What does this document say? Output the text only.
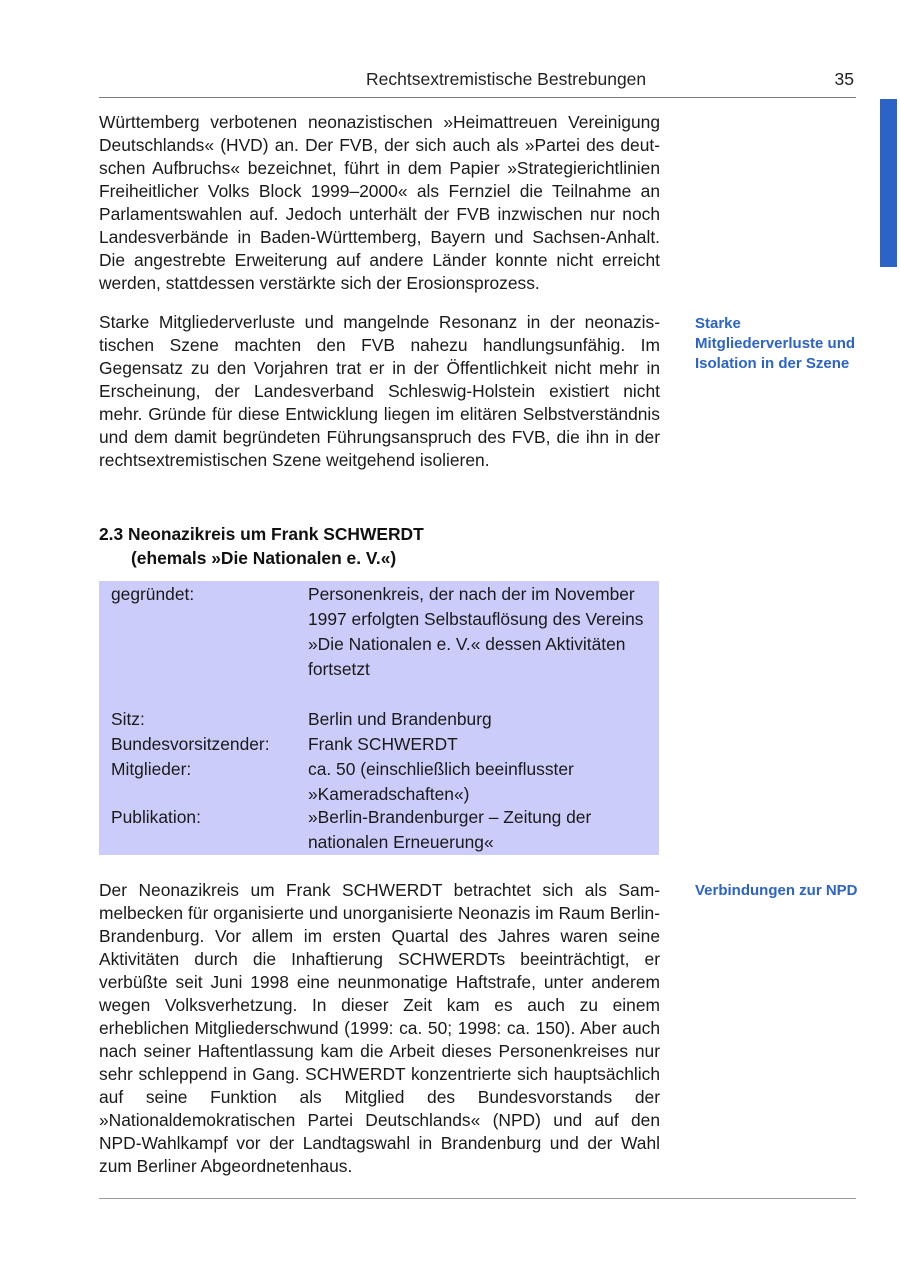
Rechtsextremistische Bestrebungen	35

Württemberg verbotenen neonazistischen »Heimattreuen Vereinigung Deutschlands« (HVD) an. Der FVB, der sich auch als »Partei des deutschen Aufbruchs« bezeichnet, führt in dem Papier »Strategierichtlinien Freiheitlicher Volks Block 1999–2000« als Fernziel die Teilnahme an Parlamentswahlen auf. Jedoch unterhält der FVB inzwischen nur noch Landesverbände in Baden-Württemberg, Bayern und Sachsen-Anhalt. Die angestrebte Erweiterung auf andere Länder konnte nicht erreicht werden, stattdessen verstärkte sich der Erosionsprozess.

Starke Mitgliederverluste und mangelnde Resonanz in der neonazistischen Szene machten den FVB nahezu handlungsunfähig. Im Gegensatz zu den Vorjahren trat er in der Öffentlichkeit nicht mehr in Erscheinung, der Landesverband Schleswig-Holstein existiert nicht mehr. Gründe für diese Entwicklung liegen im elitären Selbstverständnis und dem damit begründeten Führungsanspruch des FVB, die ihn in der rechtsextremistischen Szene weitgehend isolieren.

Starke Mitgliederverluste und Isolation in der Szene

2.3 Neonazikreis um Frank SCHWERDT
(ehemals »Die Nationalen e. V.«)
gegründet:	Personenkreis, der nach der im November 1997 erfolgten Selbstauflösung des Vereins »Die Nationalen e. V.« dessen Aktivitäten fortsetzt
Sitz:	Berlin und Brandenburg
Bundesvorsitzender:	Frank SCHWERDT
Mitglieder:	ca. 50 (einschließlich beeinflusster »Kameradschaften«)
Publikation:	»Berlin-Brandenburger – Zeitung der nationalen Erneuerung«

Der Neonazikreis um Frank SCHWERDT betrachtet sich als Sammelbecken für organisierte und unorganisierte Neonazis im Raum Berlin-Brandenburg. Vor allem im ersten Quartal des Jahres waren seine Aktivitäten durch die Inhaftierung SCHWERDTs beeinträchtigt, er verbüßte seit Juni 1998 eine neunmonatige Haftstrafe, unter anderem wegen Volksverhetzung. In dieser Zeit kam es auch zu einem erheblichen Mitgliederschwund (1999: ca. 50; 1998: ca. 150). Aber auch nach seiner Haftentlassung kam die Arbeit dieses Personenkreises nur sehr schleppend in Gang. SCHWERDT konzentrierte sich hauptsächlich auf seine Funktion als Mitglied des Bundesvorstands der »Nationaldemokratischen Partei Deutschlands« (NPD) und auf den NPD-Wahlkampf vor der Landtagswahl in Brandenburg und der Wahl zum Berliner Abgeordnetenhaus.

Verbindungen zur NPD
